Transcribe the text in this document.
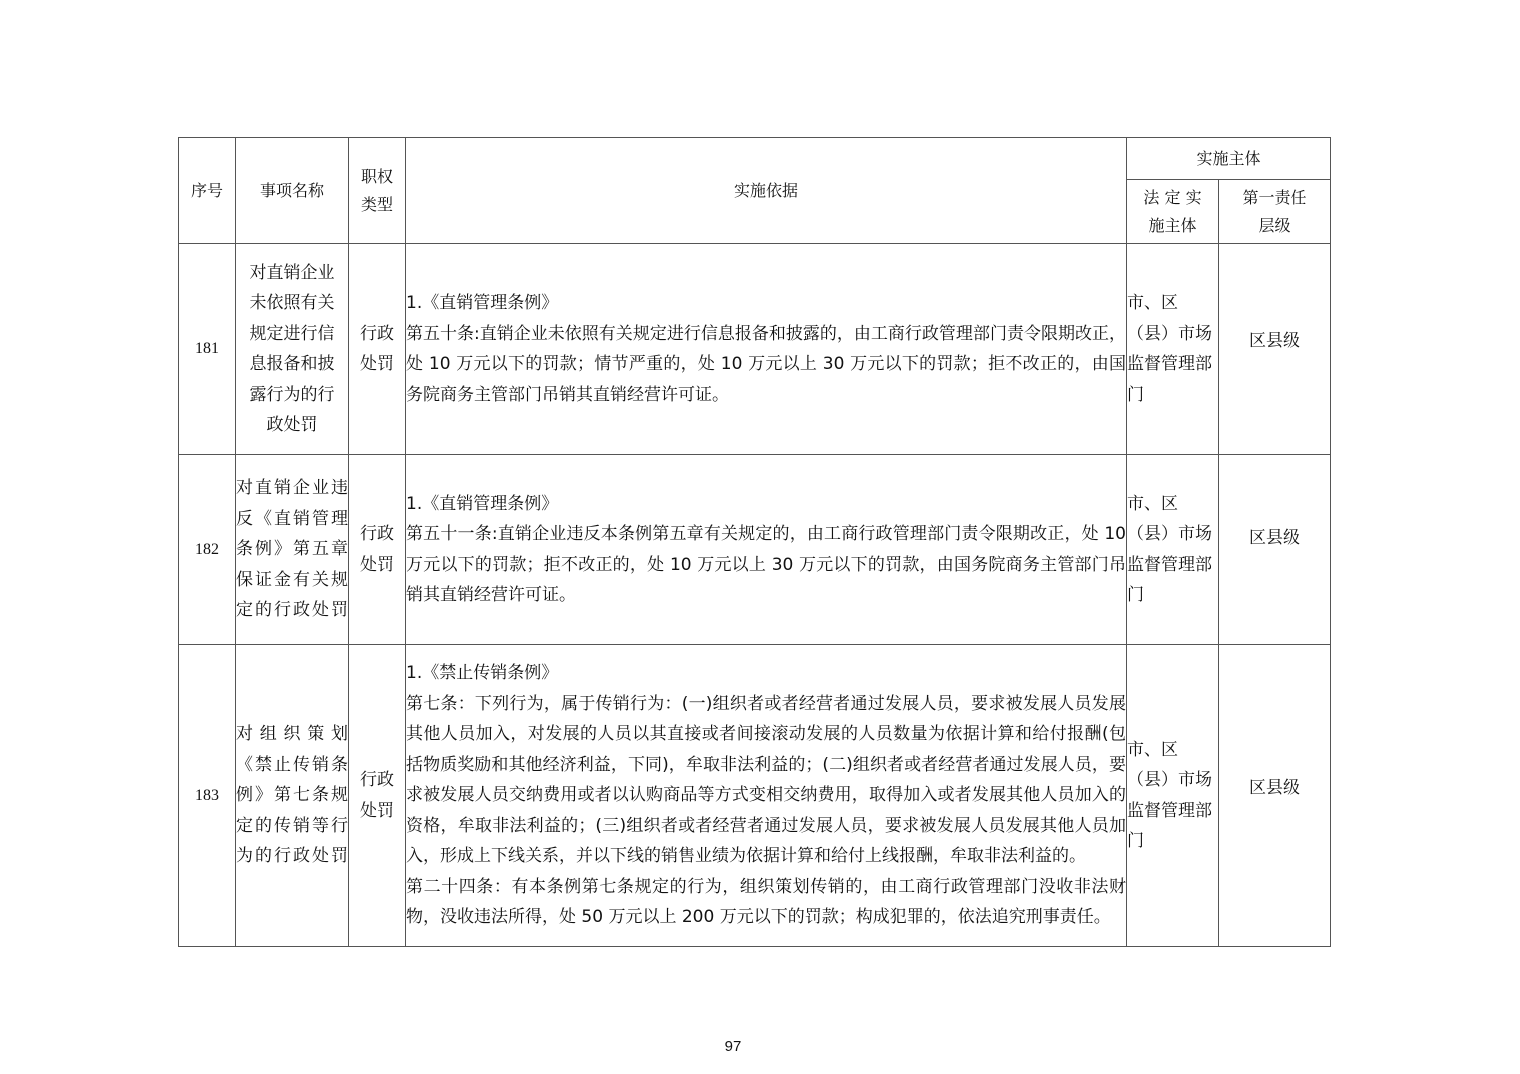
序号	事项名称	职权类型	实施依据	实施主体	
				法 定 实施主体	第一责任层级
181	对直销企业未依照有关规定进行信息报备和披露行为的行政处罚	行政处罚	1.《直销管理条例》

第五十条:直销企业未依照有关规定进行信息报备和披露的，由工商行政管理部门责令限期改正，处 10 万元以下的罚款；情节严重的，处 10 万元以上 30 万元以下的罚款；拒不改正的，由国务院商务主管部门吊销其直销经营许可证。	市、区（县）市场监督管理部门	区县级
182	对直销企业违反《直销管理条例》第五章保证金有关规定的行政处罚	行政处罚	1.《直销管理条例》

第五十一条:直销企业违反本条例第五章有关规定的，由工商行政管理部门责令限期改正，处 10 万元以下的罚款；拒不改正的，处 10 万元以上 30 万元以下的罚款，由国务院商务主管部门吊销其直销经营许可证。	市、区（县）市场监督管理部门	区县级
183	对组织策划《禁止传销条例》第七条规定的传销等行为的行政处罚	行政处罚	1.《禁止传销条例》

第七条：下列行为，属于传销行为：(一)组织者或者经营者通过发展人员，要求被发展人员发展其他人员加入，对发展的人员以其直接或者间接滚动发展的人员数量为依据计算和给付报酬(包括物质奖励和其他经济利益，下同)，牟取非法利益的；(二)组织者或者经营者通过发展人员，要求被发展人员交纳费用或者以认购商品等方式变相交纳费用，取得加入或者发展其他人员加入的资格，牟取非法利益的；(三)组织者或者经营者通过发展人员，要求被发展人员发展其他人员加入，形成上下线关系，并以下线的销售业绩为依据计算和给付上线报酬，牟取非法利益的。

第二十四条：有本条例第七条规定的行为，组织策划传销的，由工商行政管理部门没收非法财物，没收违法所得，处 50 万元以上 200 万元以下的罚款；构成犯罪的，依法追究刑事责任。	市、区（县）市场监督管理部门	区县级
97
